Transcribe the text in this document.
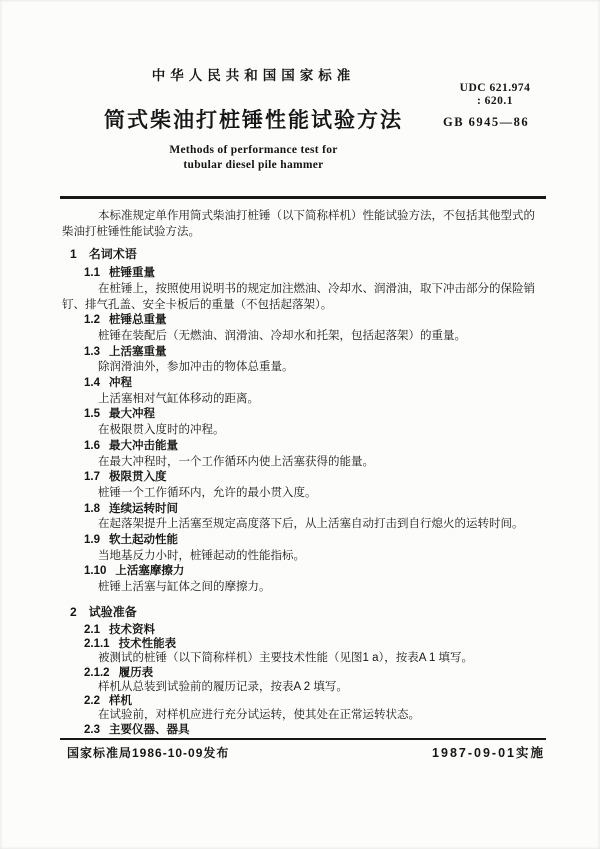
中华人民共和国国家标准
UDC 621.974
: 620.1
筒式柴油打桩锤性能试验方法	GB 6945—86
Methods of performance test for
tubular diesel pile hammer

本标准规定单作用筒式柴油打桩锤（以下简称样机）性能试验方法，不包括其他型式的柴油打桩锤性能试验方法。

1 名词术语
1.1 桩锤重量

在桩锤上，按照使用说明书的规定加注燃油、冷却水、润滑油，取下冲击部分的保险销钉、排气孔盖、安全卡板后的重量（不包括起落架）。

1.2 桩锤总重量

桩锤在装配后（无燃油、润滑油、冷却水和托架，包括起落架）的重量。

1.3 上活塞重量

除润滑油外，参加冲击的物体总重量。

1.4 冲程

上活塞相对气缸体移动的距离。

1.5 最大冲程

在极限贯入度时的冲程。

1.6 最大冲击能量

在最大冲程时，一个工作循环内使上活塞获得的能量。

1.7 极限贯入度

桩锤一个工作循环内，允许的最小贯入度。

1.8 连续运转时间

在起落架提升上活塞至规定高度落下后，从上活塞自动打击到自行熄火的运转时间。

1.9 软土起动性能

当地基反力小时，桩锤起动的性能指标。

1.10 上活塞摩擦力

桩锤上活塞与缸体之间的摩擦力。

2 试验准备
2.1 技术资料
2.1.1 技术性能表

被测试的桩锤（以下简称样机）主要技术性能（见图1 a），按表A 1 填写。

2.1.2 履历表

样机从总装到试验前的履历记录，按表A 2 填写。

2.2 样机

在试验前，对样机应进行充分试运转，使其处在正常运转状态。

2.3 主要仪器、器具
国家标准局1986-10-09发布	1987-09-01实施
